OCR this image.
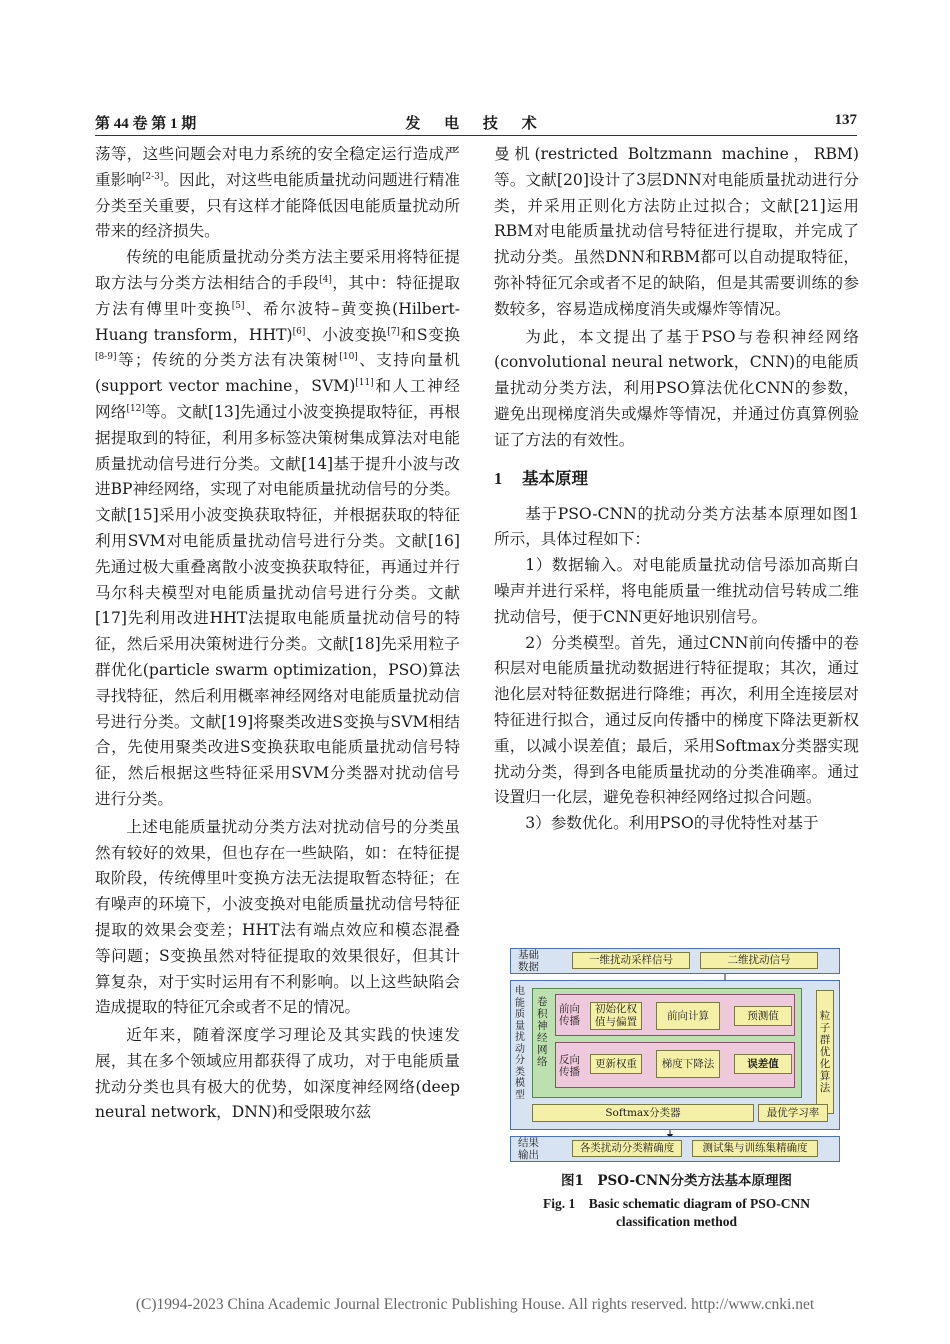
第 44 卷 第 1 期	发 电 技 术	137

荡等，这些问题会对电力系统的安全稳定运行造成严重影响[2-3]。因此，对这些电能质量扰动问题进行精准分类至关重要，只有这样才能降低因电能质量扰动所带来的经济损失。

传统的电能质量扰动分类方法主要采用将特征提取方法与分类方法相结合的手段[4]，其中：特征提取方法有傅里叶变换[5]、希尔波特–黄变换(Hilbert-Huang transform，HHT)[6]、小波变换[7]和S变换[8-9]等；传统的分类方法有决策树[10]、支持向量机(support vector machine，SVM)[11]和人工神经网络[12]等。文献[13]先通过小波变换提取特征，再根据提取到的特征，利用多标签决策树集成算法对电能质量扰动信号进行分类。文献[14]基于提升小波与改进BP神经网络，实现了对电能质量扰动信号的分类。文献[15]采用小波变换获取特征，并根据获取的特征利用SVM对电能质量扰动信号进行分类。文献[16]先通过极大重叠离散小波变换获取特征，再通过并行马尔科夫模型对电能质量扰动信号进行分类。文献[17]先利用改进HHT法提取电能质量扰动信号的特征，然后采用决策树进行分类。文献[18]先采用粒子群优化(particle swarm optimization，PSO)算法寻找特征，然后利用概率神经网络对电能质量扰动信号进行分类。文献[19]将聚类改进S变换与SVM相结合，先使用聚类改进S变换获取电能质量扰动信号特征，然后根据这些特征采用SVM分类器对扰动信号进行分类。

上述电能质量扰动分类方法对扰动信号的分类虽然有较好的效果，但也存在一些缺陷，如：在特征提取阶段，传统傅里叶变换方法无法提取暂态特征；在有噪声的环境下，小波变换对电能质量扰动信号特征提取的效果会变差；HHT法有端点效应和模态混叠等问题；S变换虽然对特征提取的效果很好，但其计算复杂，对于实时运用有不利影响。以上这些缺陷会造成提取的特征冗余或者不足的情况。

近年来，随着深度学习理论及其实践的快速发展，其在多个领域应用都获得了成功，对于电能质量扰动分类也具有极大的优势，如深度神经网络(deep neural network，DNN)和受限玻尔兹

曼机(restricted Boltzmann machine，RBM)等。文献[20]设计了3层DNN对电能质量扰动进行分类，并采用正则化方法防止过拟合；文献[21]运用RBM对电能质量扰动信号特征进行提取，并完成了扰动分类。虽然DNN和RBM都可以自动提取特征，弥补特征冗余或者不足的缺陷，但是其需要训练的参数较多，容易造成梯度消失或爆炸等情况。

为此，本文提出了基于PSO与卷积神经网络(convolutional neural network，CNN)的电能质量扰动分类方法，利用PSO算法优化CNN的参数，避免出现梯度消失或爆炸等情况，并通过仿真算例验证了方法的有效性。

1 基本原理

基于PSO-CNN的扰动分类方法基本原理如图1所示，具体过程如下：

1）数据输入。对电能质量扰动信号添加高斯白噪声并进行采样，将电能质量一维扰动信号转成二维扰动信号，便于CNN更好地识别信号。

2）分类模型。首先，通过CNN前向传播中的卷积层对电能质量扰动数据进行特征提取；其次，通过池化层对特征数据进行降维；再次，利用全连接层对特征进行拟合，通过反向传播中的梯度下降法更新权重，以减小误差值；最后，采用Softmax分类器实现扰动分类，得到各电能质量扰动的分类准确率。通过设置归一化层，避免卷积神经网络过拟合问题。

3）参数优化。利用PSO的寻优特性对基于

基础数据
一维扰动采样信号	二维扰动信号
电能质量扰动分类模型
卷积神经网络
前向传播
初始化权值与偏置
前向计算	预测值
反向传播
更新权重	梯度下降法	误差值
粒子群优化算法
Softmax分类器	最优学习率
结果输出
各类扰动分类精确度	测试集与训练集精确度
图1　PSO-CNN分类方法基本原理图
Fig. 1　Basic schematic diagram of PSO-CNN
classification method
(C)1994-2023 China Academic Journal Electronic Publishing House. All rights reserved. http://www.cnki.net
